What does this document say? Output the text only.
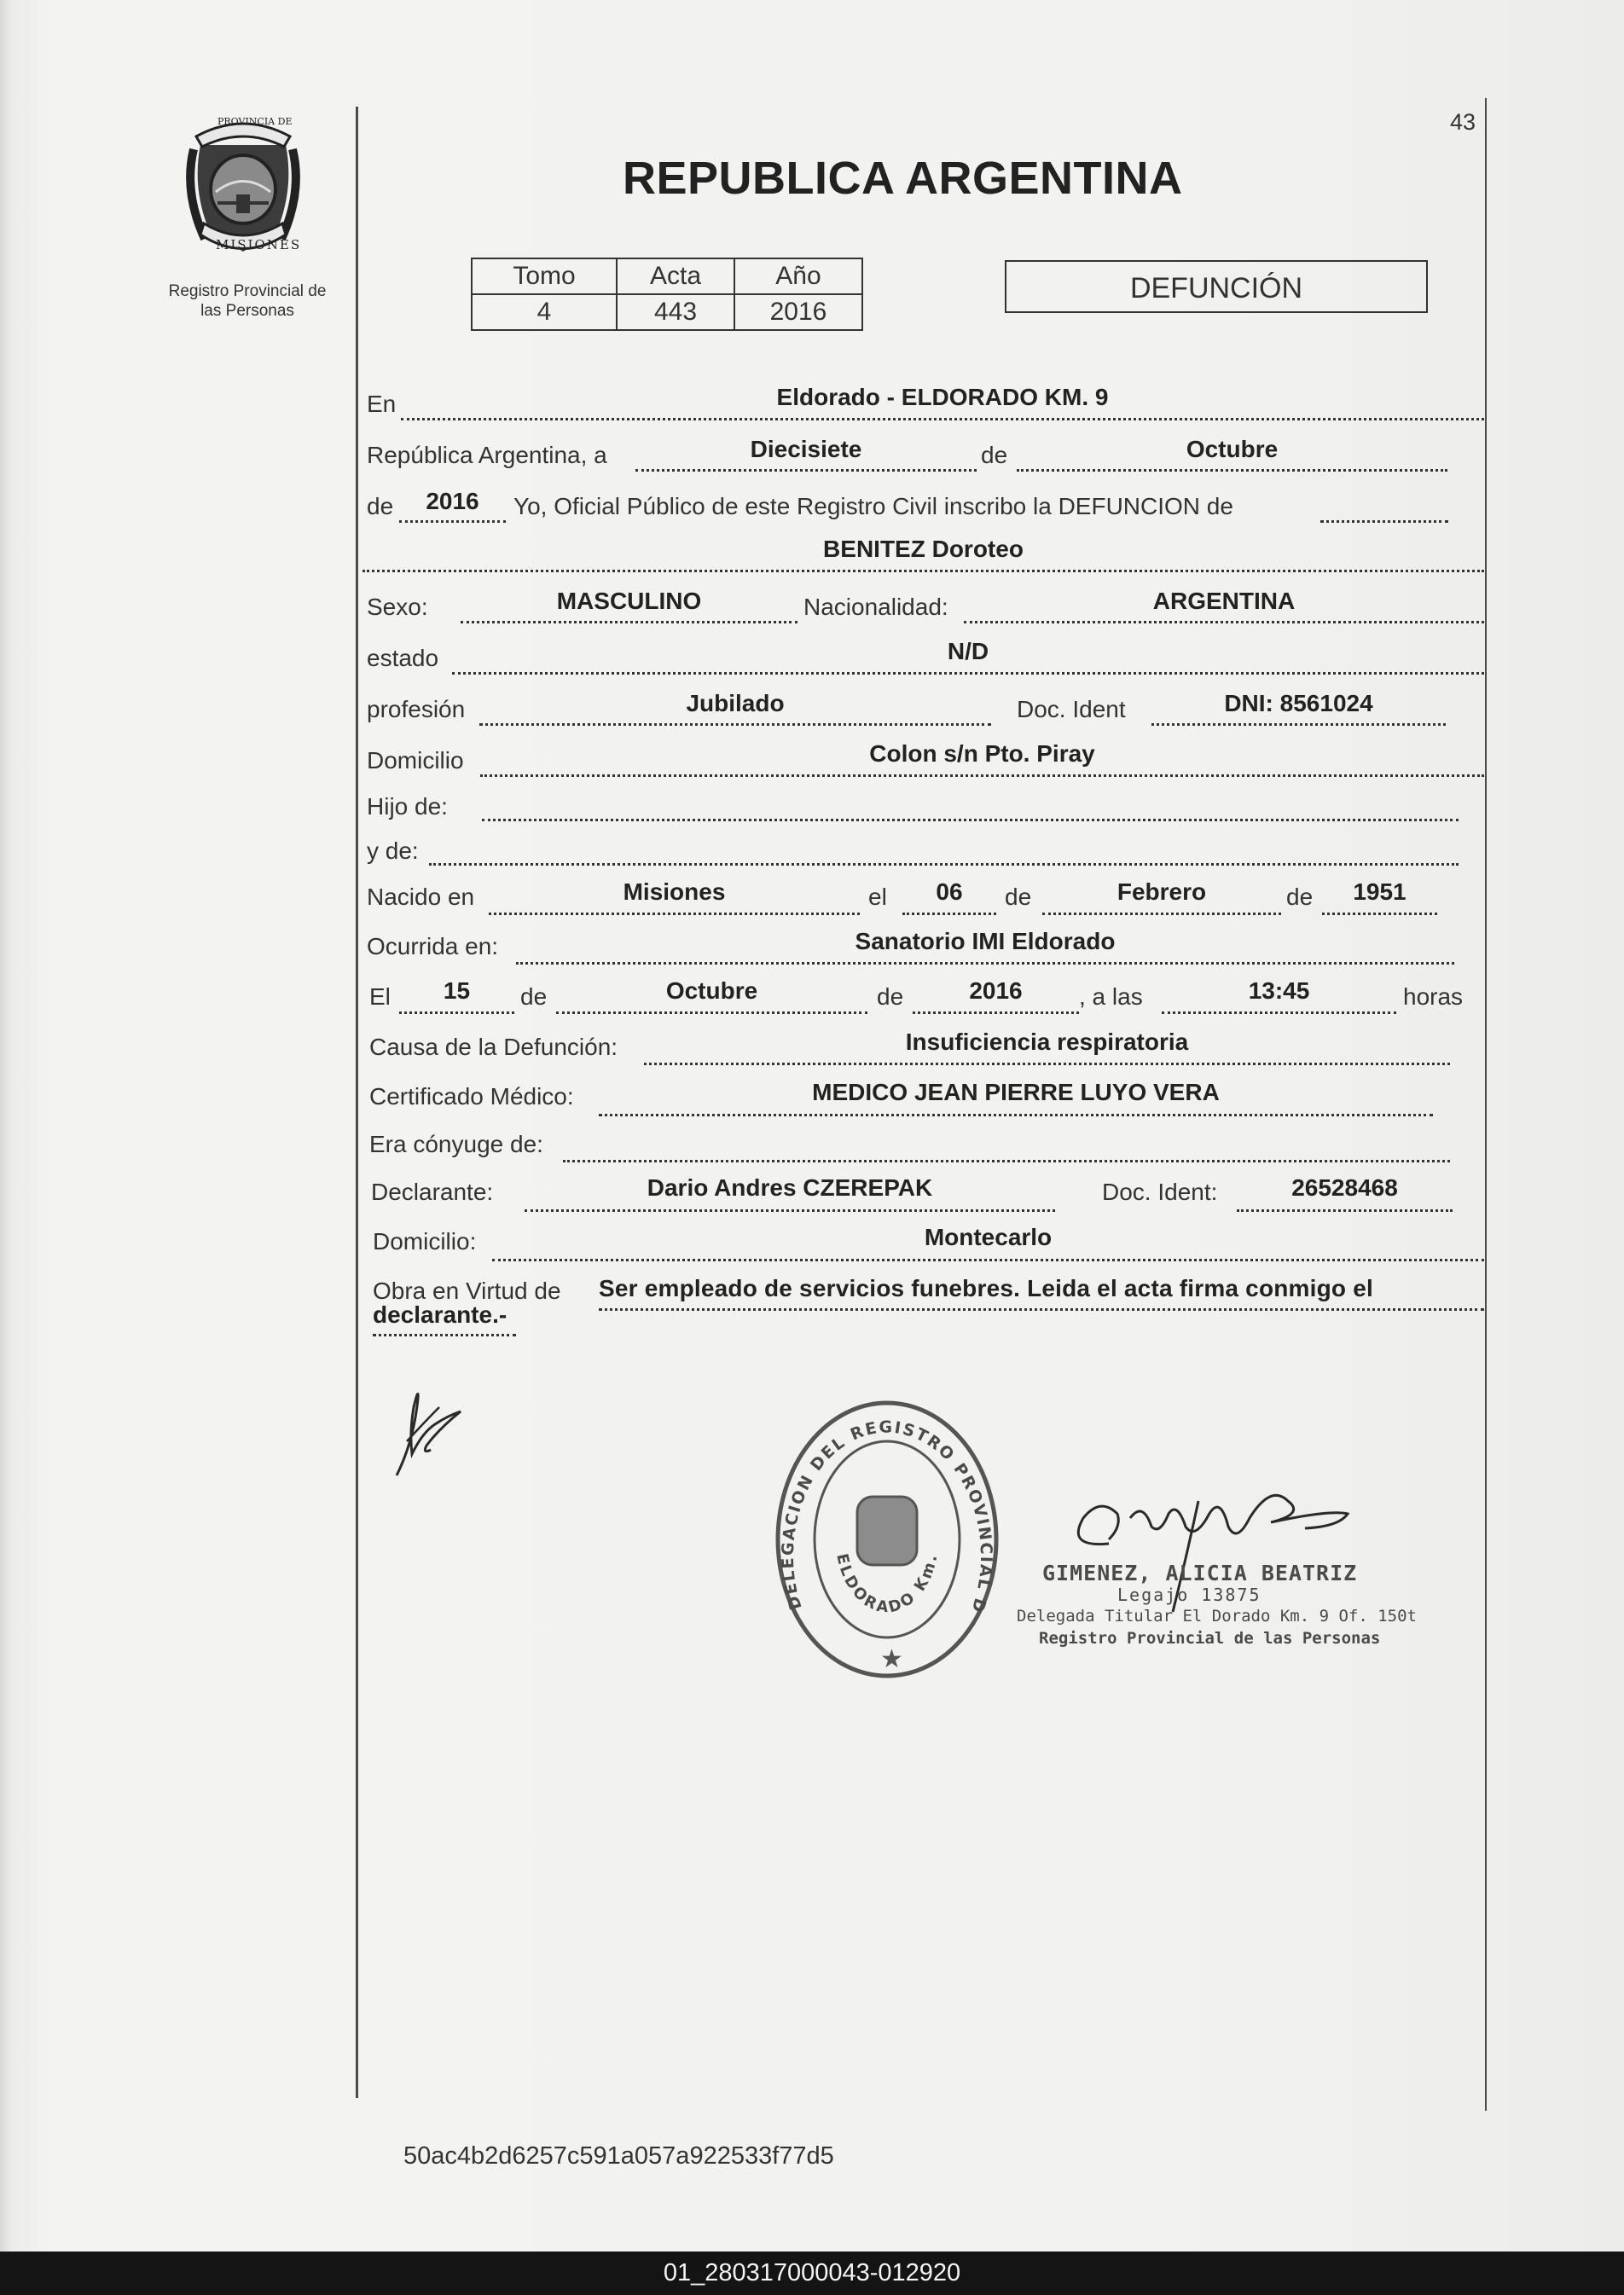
PROVINCIA DE
MISIONES
Registro Provincial de
las Personas
43
REPUBLICA ARGENTINA
Tomo	Acta	Año
4	443	2016
DEFUNCIÓN
En	Eldorado - ELDORADO KM. 9
República Argentina, a	Diecisiete	de	Octubre
de	2016	Yo, Oficial Público de este Registro Civil inscribo la DEFUNCION de
BENITEZ Doroteo
Sexo:	MASCULINO	Nacionalidad:	ARGENTINA
estado	N/D
profesión	Jubilado	Doc. Ident	DNI: 8561024
Domicilio	Colon s/n Pto. Piray
Hijo de:
y de:
Nacido en	Misiones	el	06	de	Febrero	de	1951
Ocurrida en:	Sanatorio IMI Eldorado
El	15	de	Octubre	de	2016	, a las	13:45	horas
Causa de la Defunción:	Insuficiencia respiratoria
Certificado Médico:	MEDICO JEAN PIERRE LUYO VERA
Era cónyuge de:
Declarante:	Dario Andres CZEREPAK	Doc. Ident:	26528468
Domicilio:	Montecarlo
Obra en Virtud de Ser empleado de servicios funebres. Leida el acta firma conmigo el
declarante.-
DELEGACION DEL REGISTRO PROVINCIAL D
ELDORADO Km.
★
GIMENEZ, ALICIA BEATRIZ
Legajo 13875
Delegada Titular El Dorado Km. 9 Of. 150t
Registro Provincial de las Personas
50ac4b2d6257c591a057a922533f77d5
01_280317000043-012920
